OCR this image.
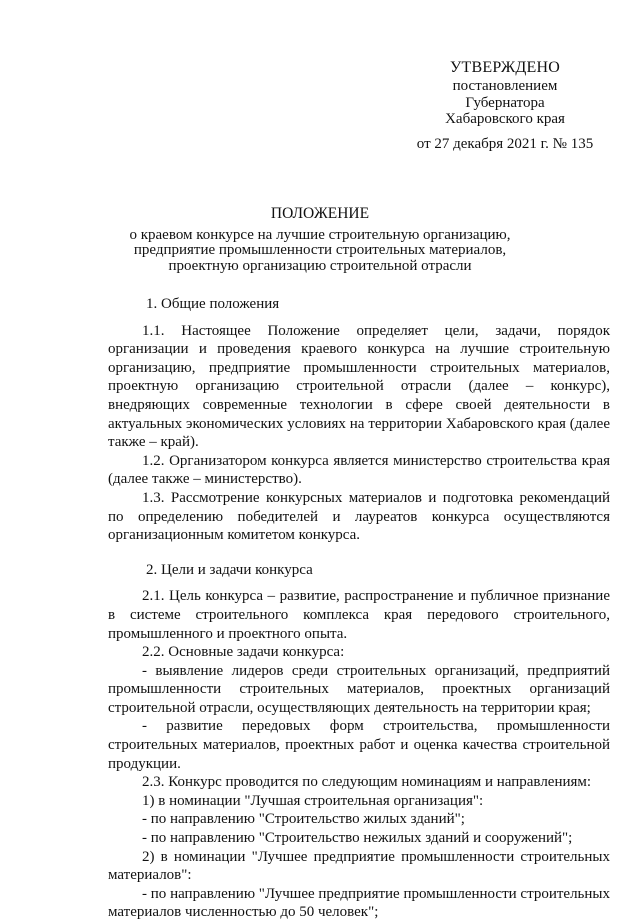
УТВЕРЖДЕНО
постановлением
Губернатора
Хабаровского края
от 27 декабря 2021 г. № 135
ПОЛОЖЕНИЕ
о краевом конкурсе на лучшие строительную организацию,
предприятие промышленности строительных материалов,
проектную организацию строительной отрасли
1. Общие положения
1.1. Настоящее Положение определяет цели, задачи, порядок организации и проведения краевого конкурса на лучшие строительную организацию, предприятие промышленности строительных материалов, проектную организацию строительной отрасли (далее – конкурс), внедряющих современные технологии в сфере своей деятельности в актуальных экономических условиях на территории Хабаровского края (далее также – край).
1.2. Организатором конкурса является министерство строительства края (далее также – министерство).
1.3. Рассмотрение конкурсных материалов и подготовка рекомендаций по определению победителей и лауреатов конкурса осуществляются организационным комитетом конкурса.
2. Цели и задачи конкурса
2.1. Цель конкурса – развитие, распространение и публичное признание в системе строительного комплекса края передового строительного, промышленного и проектного опыта.
2.2. Основные задачи конкурса:
- выявление лидеров среди строительных организаций, предприятий промышленности строительных материалов, проектных организаций строительной отрасли, осуществляющих деятельность на территории края;
- развитие передовых форм строительства, промышленности строительных материалов, проектных работ и оценка качества строительной продукции.
2.3. Конкурс проводится по следующим номинациям и направлениям:
1) в номинации "Лучшая строительная организация":
- по направлению "Строительство жилых зданий";
- по направлению "Строительство нежилых зданий и сооружений";
2) в номинации "Лучшее предприятие промышленности строительных материалов":
- по направлению "Лучшее предприятие промышленности строительных материалов численностью до 50 человек";
